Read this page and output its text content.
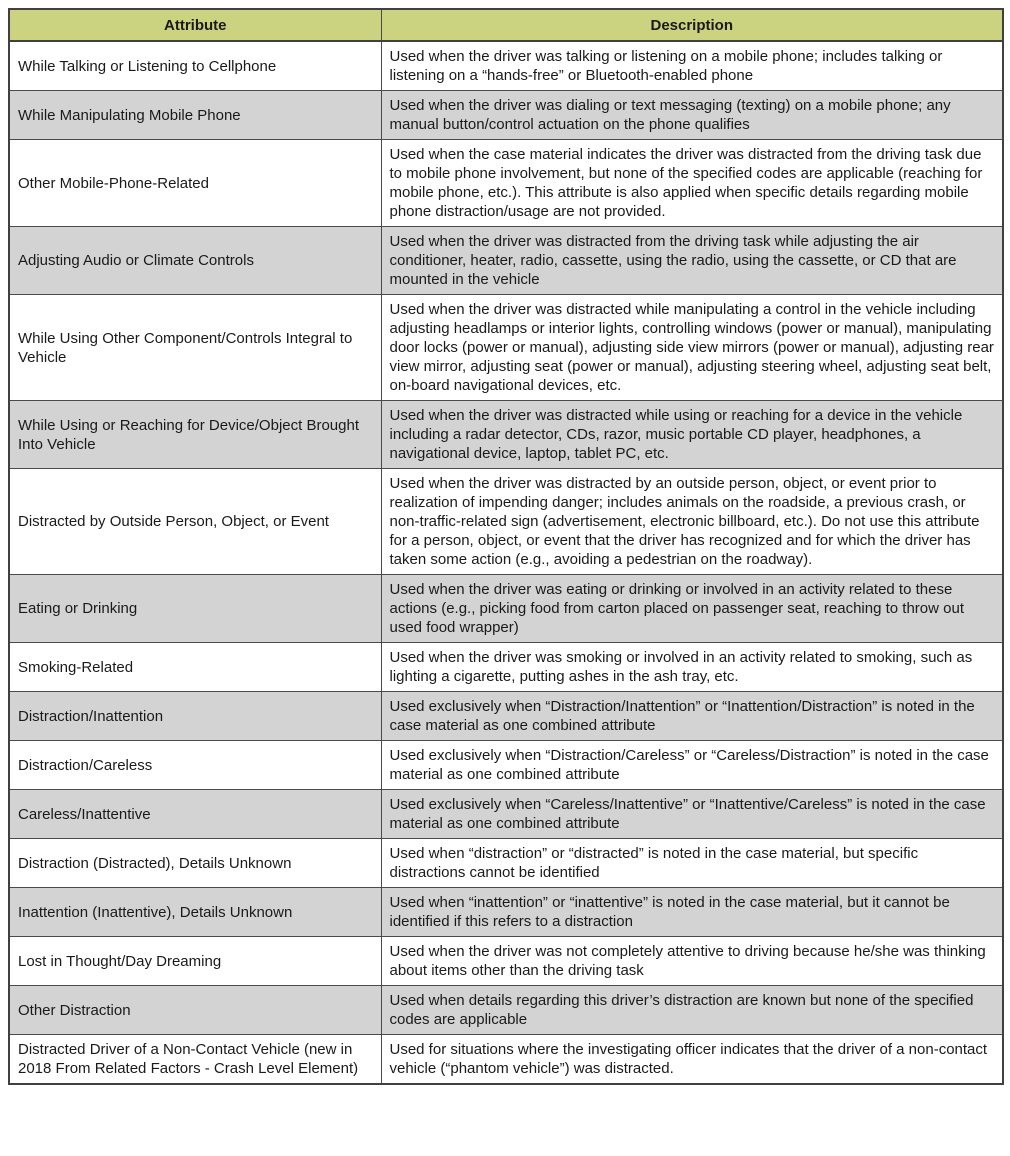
Attribute	Description
While Talking or Listening to Cellphone	Used when the driver was talking or listening on a mobile phone; includes talking or listening on a “hands-free” or Bluetooth-enabled phone
While Manipulating Mobile Phone	Used when the driver was dialing or text messaging (texting) on a mobile phone; any manual button/control actuation on the phone qualifies
Other Mobile-Phone-Related	Used when the case material indicates the driver was distracted from the driving task due to mobile phone involvement, but none of the specified codes are applicable (reaching for mobile phone, etc.). This attribute is also applied when specific details regarding mobile phone distraction/usage are not provided.
Adjusting Audio or Climate Controls	Used when the driver was distracted from the driving task while adjusting the air conditioner, heater, radio, cassette, using the radio, using the cassette, or CD that are mounted in the vehicle
While Using Other Component/Controls Integral to Vehicle	Used when the driver was distracted while manipulating a control in the vehicle including adjusting headlamps or interior lights, controlling windows (power or manual), manipulating door locks (power or manual), adjusting side view mirrors (power or manual), adjusting rear view mirror, adjusting seat (power or manual), adjusting steering wheel, adjusting seat belt, on-board navigational devices, etc.
While Using or Reaching for Device/Object Brought Into Vehicle	Used when the driver was distracted while using or reaching for a device in the vehicle including a radar detector, CDs, razor, music portable CD player, headphones, a navigational device, laptop, tablet PC, etc.
Distracted by Outside Person, Object, or Event	Used when the driver was distracted by an outside person, object, or event prior to realization of impending danger; includes animals on the roadside, a previous crash, or non-traffic-related sign (advertisement, electronic billboard, etc.). Do not use this attribute for a person, object, or event that the driver has recognized and for which the driver has taken some action (e.g., avoiding a pedestrian on the roadway).
Eating or Drinking	Used when the driver was eating or drinking or involved in an activity related to these actions (e.g., picking food from carton placed on passenger seat, reaching to throw out used food wrapper)
Smoking-Related	Used when the driver was smoking or involved in an activity related to smoking, such as lighting a cigarette, putting ashes in the ash tray, etc.
Distraction/Inattention	Used exclusively when “Distraction/Inattention” or “Inattention/Distraction” is noted in the case material as one combined attribute
Distraction/Careless	Used exclusively when “Distraction/Careless” or “Careless/Distraction” is noted in the case material as one combined attribute
Careless/Inattentive	Used exclusively when “Careless/Inattentive” or “Inattentive/Careless” is noted in the case material as one combined attribute
Distraction (Distracted), Details Unknown	Used when “distraction” or “distracted” is noted in the case material, but specific distractions cannot be identified
Inattention (Inattentive), Details Unknown	Used when “inattention” or “inattentive” is noted in the case material, but it cannot be identified if this refers to a distraction
Lost in Thought/Day Dreaming	Used when the driver was not completely attentive to driving because he/she was thinking about items other than the driving task
Other Distraction	Used when details regarding this driver’s distraction are known but none of the specified codes are applicable
Distracted Driver of a Non-Contact Vehicle (new in 2018 From Related Factors - Crash Level Element)	Used for situations where the investigating officer indicates that the driver of a non-contact vehicle (“phantom vehicle”) was distracted.
